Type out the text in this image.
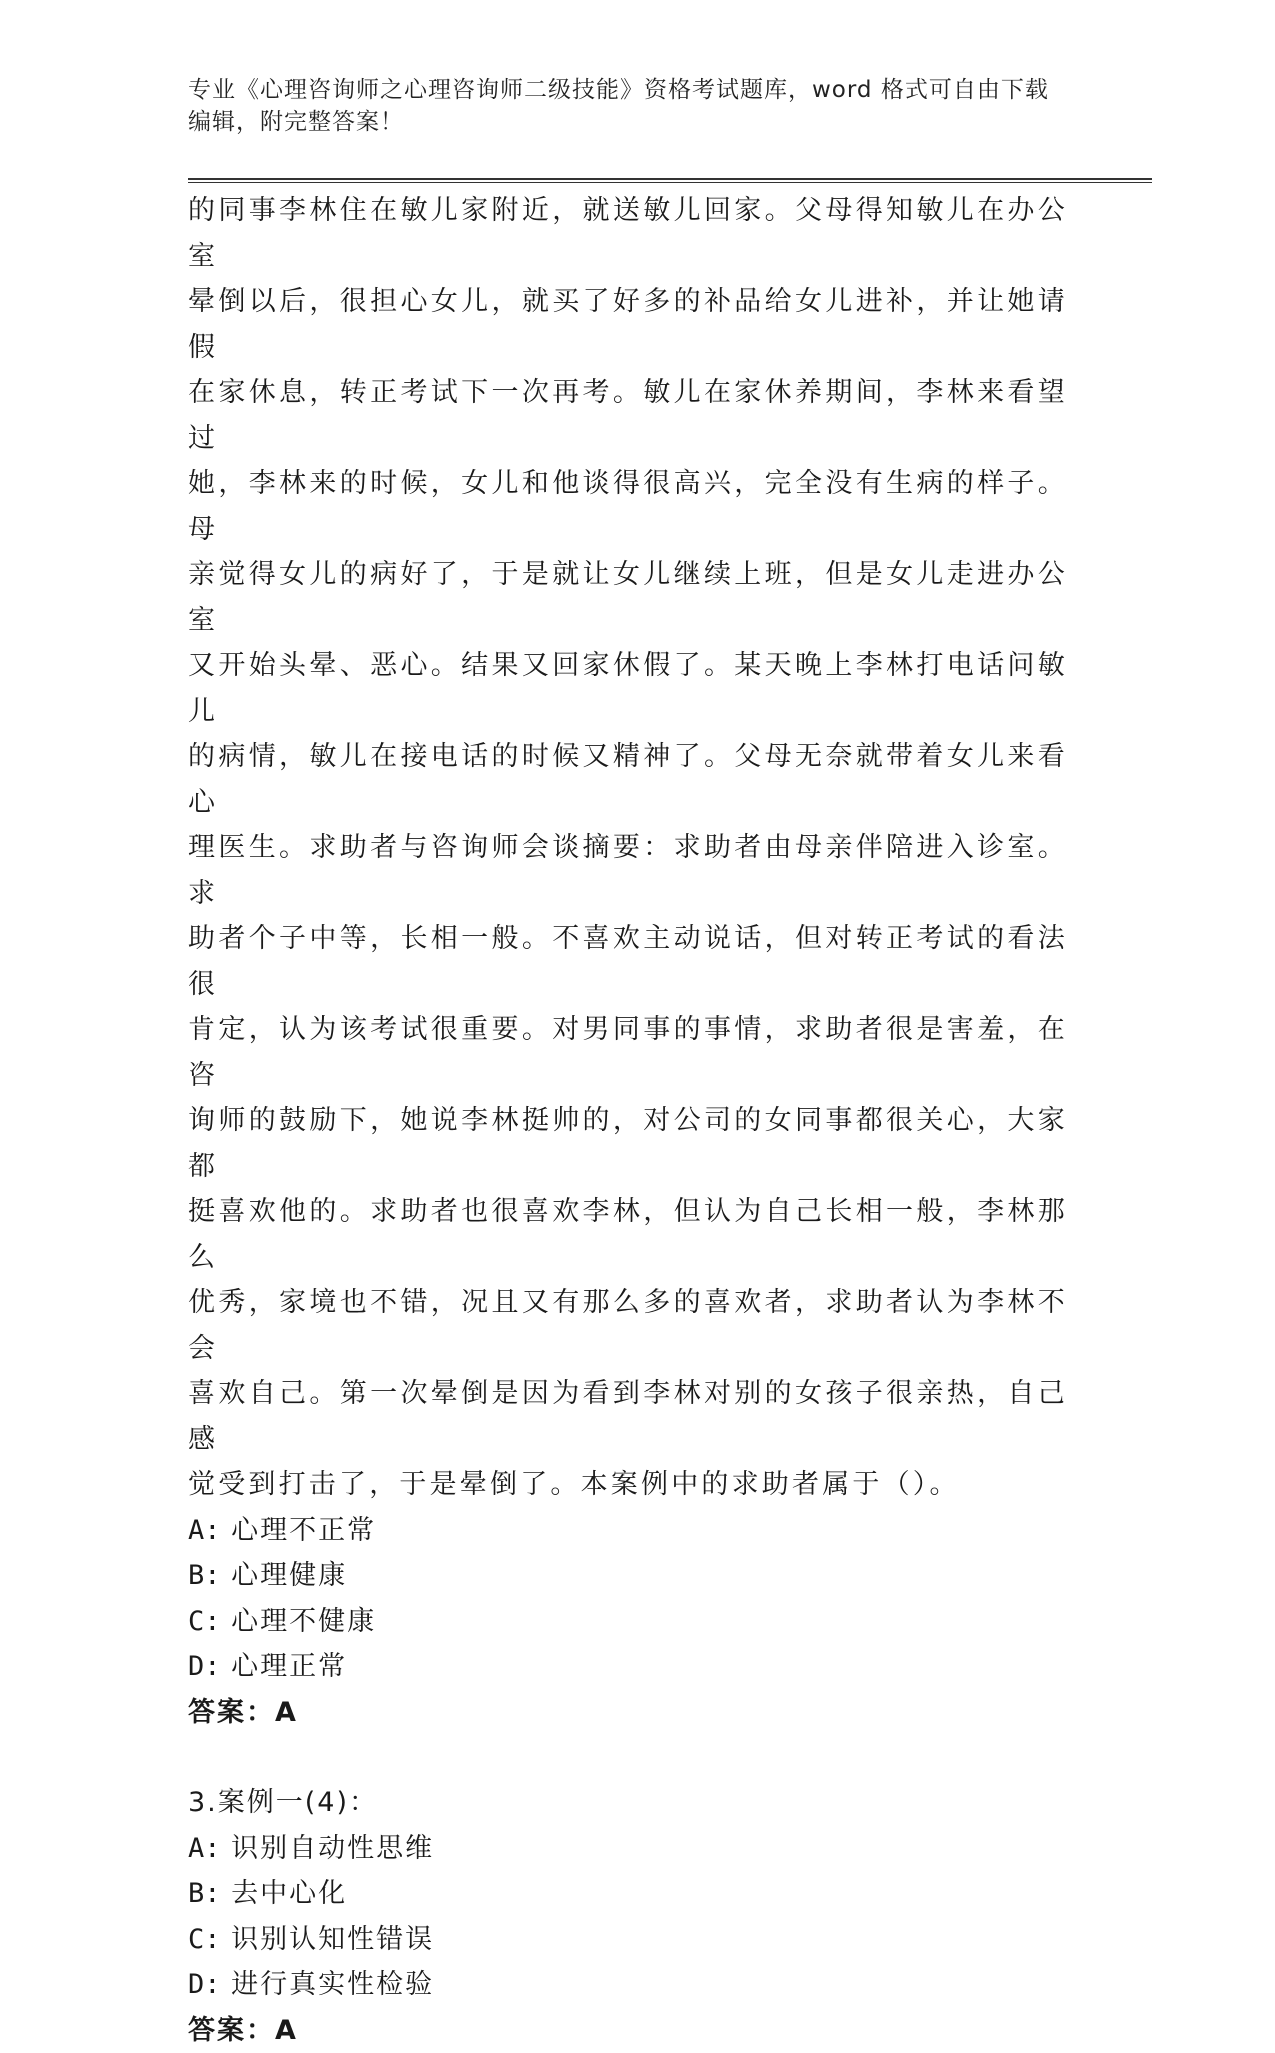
专业《心理咨询师之心理咨询师二级技能》资格考试题库，word 格式可自由下载
编辑，附完整答案！

的同事李林住在敏儿家附近，就送敏儿回家。父母得知敏儿在办公室

晕倒以后，很担心女儿，就买了好多的补品给女儿进补，并让她请假

在家休息，转正考试下一次再考。敏儿在家休养期间，李林来看望过

她，李林来的时候，女儿和他谈得很高兴，完全没有生病的样子。母

亲觉得女儿的病好了，于是就让女儿继续上班，但是女儿走进办公室

又开始头晕、恶心。结果又回家休假了。某天晚上李林打电话问敏儿

的病情，敏儿在接电话的时候又精神了。父母无奈就带着女儿来看心

理医生。求助者与咨询师会谈摘要：求助者由母亲伴陪进入诊室。求

助者个子中等，长相一般。不喜欢主动说话，但对转正考试的看法很

肯定，认为该考试很重要。对男同事的事情，求助者很是害羞，在咨

询师的鼓励下，她说李林挺帅的，对公司的女同事都很关心，大家都

挺喜欢他的。求助者也很喜欢李林，但认为自己长相一般，李林那么

优秀，家境也不错，况且又有那么多的喜欢者，求助者认为李林不会

喜欢自己。第一次晕倒是因为看到李林对别的女孩子很亲热，自己感

觉受到打击了，于是晕倒了。本案例中的求助者属于（）。

A: 心理不正常

B: 心理健康

C: 心理不健康

D: 心理正常

答案：A

3.案例一(4)：

A: 识别自动性思维

B: 去中心化

C: 识别认知性错误

D: 进行真实性检验

答案：A
